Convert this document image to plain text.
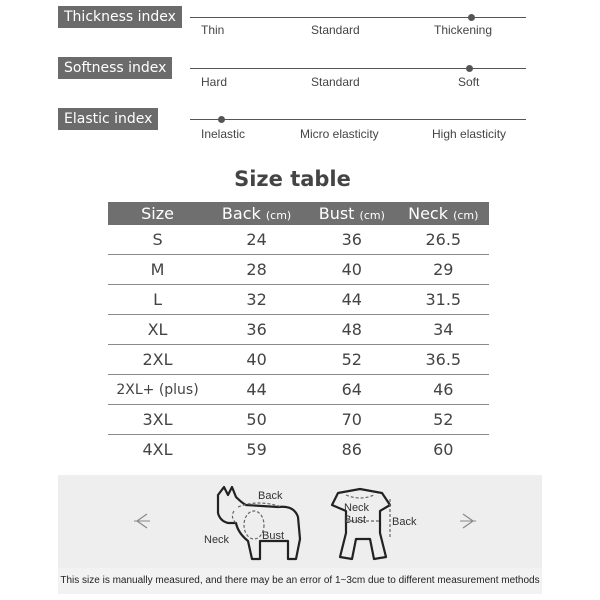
Thickness index
Thin	Standard	Thickening
Softness index
Hard	Standard	Soft
Elastic index
Inelastic	Micro elasticity	High elasticity
Size table
Size	Back (cm)	Bust (cm)	Neck (cm)
S	24	36	26.5
M	28	40	29
L	32	44	31.5
XL	36	48	34
2XL	40	52	36.5
2XL+ (plus)	44	64	46
3XL	50	70	52
4XL	59	86	60
Back
Neck	Bust
Neck
Bust Back
This size is manually measured, and there may be an error of 1~3cm due to different measurement methods
